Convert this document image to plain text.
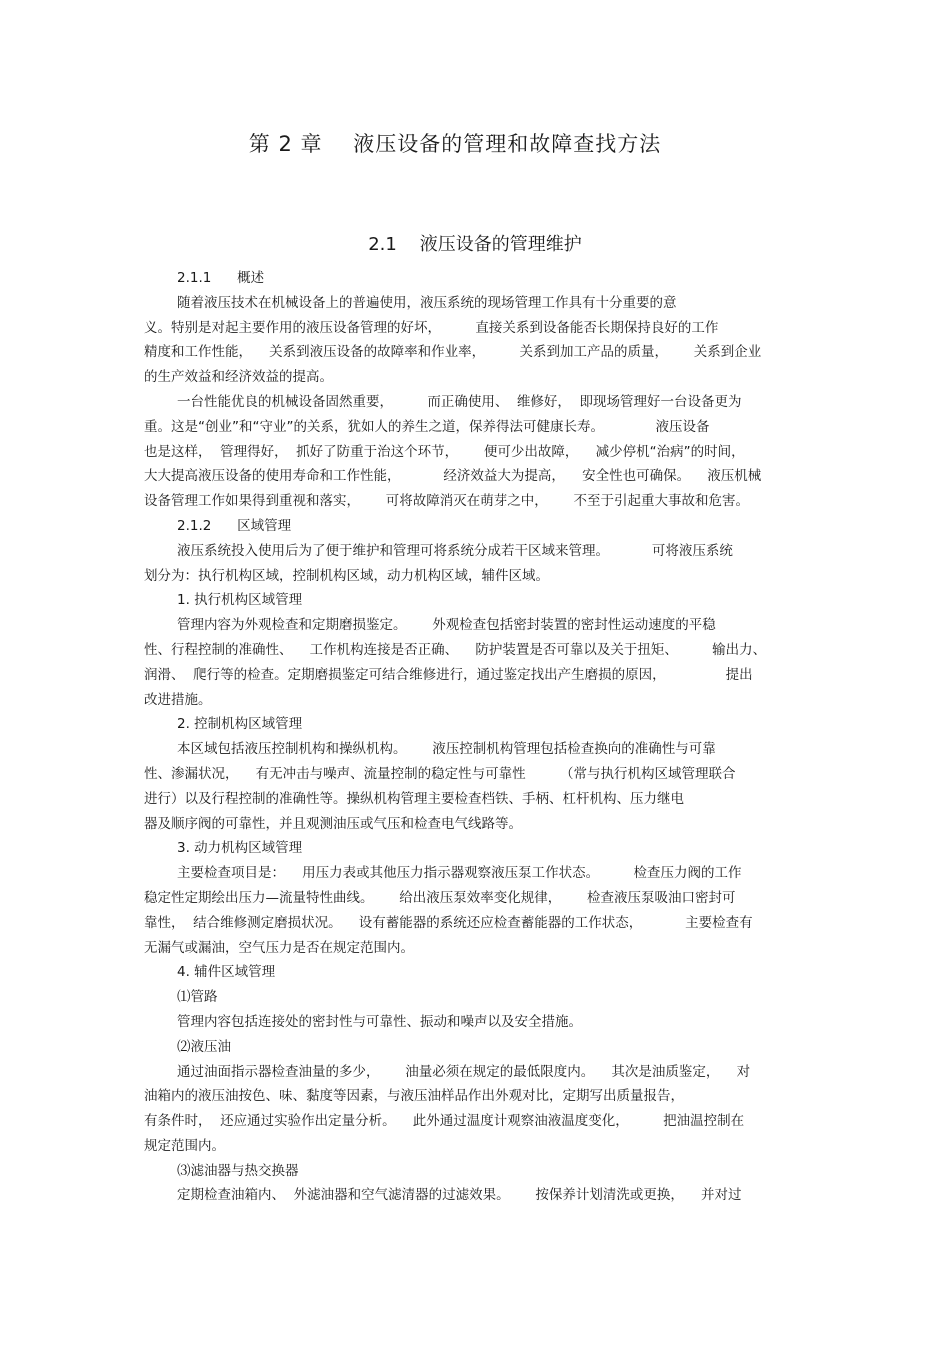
第 2 章    液压设备的管理和故障查找方法
2.1    液压设备的管理维护
2.1.1      概述
随着液压技术在机械设备上的普遍使用，液压系统的现场管理工作具有十分重要的意
义。特别是对起主要作用的液压设备管理的好坏，        直接关系到设备能否长期保持良好的工作
精度和工作性能，    关系到液压设备的故障率和作业率，        关系到加工产品的质量，      关系到企业
的生产效益和经济效益的提高。
一台性能优良的机械设备固然重要，        而正确使用、  维修好，  即现场管理好一台设备更为
重。这是“创业”和“守业”的关系，犹如人的养生之道，保养得法可健康长寿。            液压设备
也是这样，  管理得好，  抓好了防重于治这个环节，      便可少出故障，    减少停机“治病”的时间，
大大提高液压设备的使用寿命和工作性能，          经济效益大为提高，    安全性也可确保。    液压机械
设备管理工作如果得到重视和落实，      可将故障消灭在萌芽之中，      不至于引起重大事故和危害。
2.1.2      区域管理
液压系统投入使用后为了便于维护和管理可将系统分成若干区域来管理。          可将液压系统
划分为：执行机构区域，控制机构区域，动力机构区域，辅件区域。
1. 执行机构区域管理
管理内容为外观检查和定期磨损鉴定。      外观检查包括密封装置的密封性运动速度的平稳
性、行程控制的准确性、    工作机构连接是否正确、    防护装置是否可靠以及关于扭矩、        输出力、
润滑、  爬行等的检查。定期磨损鉴定可结合维修进行，通过鉴定找出产生磨损的原因，              提出
改进措施。
2. 控制机构区域管理
本区域包括液压控制机构和操纵机构。      液压控制机构管理包括检查换向的准确性与可靠
性、渗漏状况，    有无冲击与噪声、流量控制的稳定性与可靠性        （常与执行机构区域管理联合
进行）以及行程控制的准确性等。操纵机构管理主要检查档铁、手柄、杠杆机构、压力继电
器及顺序阀的可靠性，并且观测油压或气压和检查电气线路等。
3. 动力机构区域管理
主要检查项目是：    用压力表或其他压力指示器观察液压泵工作状态。        检查压力阀的工作
稳定性定期绘出压力—流量特性曲线。      给出液压泵效率变化规律，      检查液压泵吸油口密封可
靠性，  结合维修测定磨损状况。    设有蓄能器的系统还应检查蓄能器的工作状态，          主要检查有
无漏气或漏油，空气压力是否在规定范围内。
4. 辅件区域管理
⑴管路
管理内容包括连接处的密封性与可靠性、振动和噪声以及安全措施。
⑵液压油
通过油面指示器检查油量的多少，      油量必须在规定的最低限度内。    其次是油质鉴定，    对
油箱内的液压油按色、味、黏度等因素，与液压油样品作出外观对比，定期写出质量报告，
有条件时，  还应通过实验作出定量分析。    此外通过温度计观察油液温度变化，        把油温控制在
规定范围内。
⑶滤油器与热交换器
定期检查油箱内、  外滤油器和空气滤清器的过滤效果。      按保养计划清洗或更换，    并对过
